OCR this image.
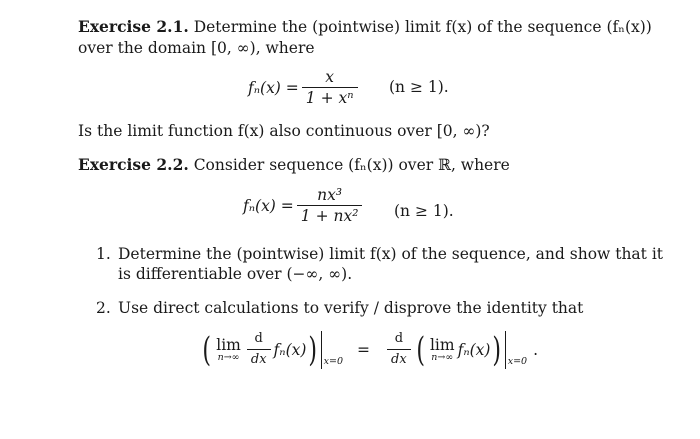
Exercise 2.1. Determine the (pointwise) limit f(x) of the sequence (fₙ(x))
over the domain [0, ∞), where
$f_n(x) = \frac{x}{\text{1 + xⁿ}} (n \ge 1)$.
Is the limit function f(x) also continuous over [0, ∞)?
Exercise 2.2. Consider sequence (fₙ(x)) over ℝ, where
$f_n(x) = \frac{\text{nx³}}{\text{1 + nx²}} (n \ge 1)$.
1. Determine the (pointwise) limit f(x) of the sequence, and show that it
is differentiable over (−∞, ∞).
2. Use direct calculations to verify / disprove the identity that
( lim
$n\to\infty \frac{d}{dx} f_n(x)$ ) x=0
= $\frac{d}{dx}$ ( lim
n→∞ fₙ(x) ) x=0
.
